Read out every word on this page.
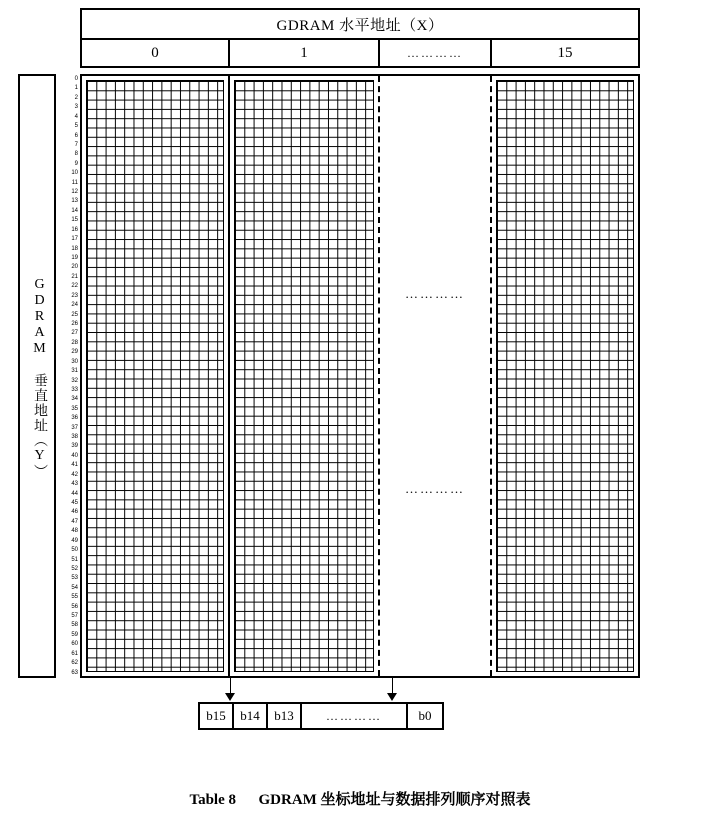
GDRAM 水平地址（X）
0	1	…………	15
GDRAM 垂直地址（Y）
0
1
2
3
4
5
6
7
8
9
10
11
12
13
14
15
16
17
18
19
20
21
22
23
24
25
26
27
28
29
30
31
32
33
34
35
36
37
38
39
40
41
42
43
44
45
46
47
48
49
50
51
52
53
54
55
56
57
58
59
60
61
62
63
…………
…………
b15	b14	b13	…………	b0
Table 8 GDRAM 坐标地址与数据排列顺序对照表
